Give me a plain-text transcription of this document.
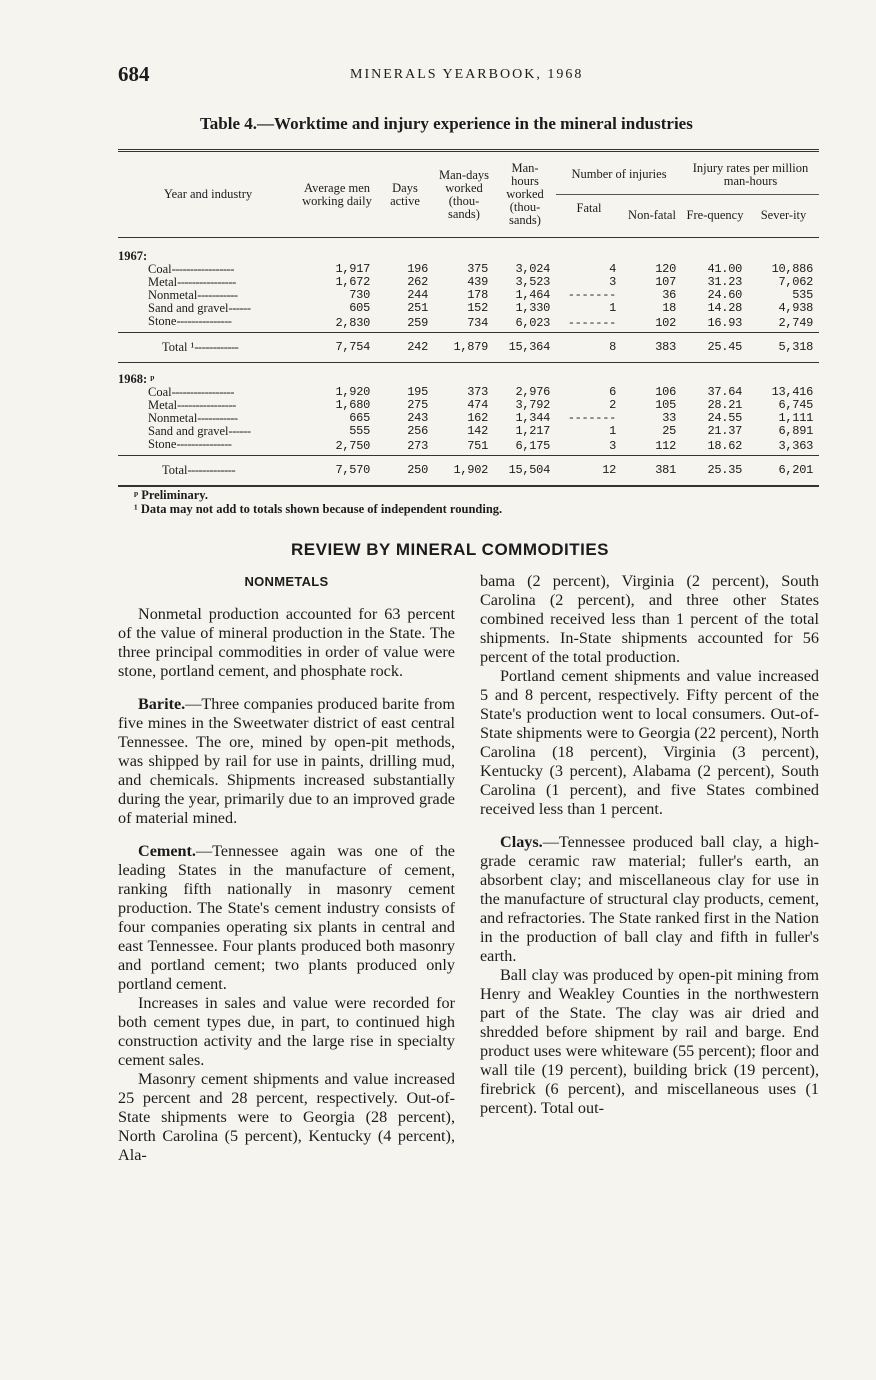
684	MINERALS YEARBOOK, 1968
Table 4.—Worktime and injury experience in the mineral industries
Year and industry	Average men working daily	Days active	Man-days worked (thou-sands)	Man-hours worked (thou-sands)	Number of injuries		Injury rates per million man-hours	
					Fatal	Non-fatal	Fre-quency	Sever-ity

1967:								
Coal-----------------	1,917	196	375	3,024	4	120	41.00	10,886
Metal----------------	1,672	262	439	3,523	3	107	31.23	7,062
Nonmetal-----------	730	244	178	1,464	-------	36	24.60	535
Sand and gravel------	605	251	152	1,330	1	18	14.28	4,938
Stone---------------	2,830	259	734	6,023	-------	102	16.93	2,749
Total ¹------------	7,754	242	1,879	15,364	8	383	25.45	5,318

1968: ᵖ								
Coal-----------------	1,920	195	373	2,976	6	106	37.64	13,416
Metal----------------	1,680	275	474	3,792	2	105	28.21	6,745
Nonmetal-----------	665	243	162	1,344	-------	33	24.55	1,111
Sand and gravel------	555	256	142	1,217	1	25	21.37	6,891
Stone---------------	2,750	273	751	6,175	3	112	18.62	3,363
Total-------------	7,570	250	1,902	15,504	12	381	25.35	6,201
ᵖ Preliminary.
¹ Data may not add to totals shown because of independent rounding.
REVIEW BY MINERAL COMMODITIES
NONMETALS

Nonmetal production accounted for 63 percent of the value of mineral production in the State. The three principal commodities in order of value were stone, portland cement, and phosphate rock.

Barite.—Three companies produced barite from five mines in the Sweetwater district of east central Tennessee. The ore, mined by open-pit methods, was shipped by rail for use in paints, drilling mud, and chemicals. Shipments increased substantially during the year, primarily due to an improved grade of material mined.

Cement.—Tennessee again was one of the leading States in the manufacture of cement, ranking fifth nationally in masonry cement production. The State's cement industry consists of four companies operating six plants in central and east Tennessee. Four plants produced both masonry and portland cement; two plants produced only portland cement.

Increases in sales and value were recorded for both cement types due, in part, to continued high construction activity and the large rise in specialty cement sales.

Masonry cement shipments and value increased 25 percent and 28 percent, respectively. Out-of-State shipments were to Georgia (28 percent), North Carolina (5 percent), Kentucky (4 percent), Ala-

bama (2 percent), Virginia (2 percent), South Carolina (2 percent), and three other States combined received less than 1 percent of the total shipments. In-State shipments accounted for 56 percent of the total production.

Portland cement shipments and value increased 5 and 8 percent, respectively. Fifty percent of the State's production went to local consumers. Out-of-State shipments were to Georgia (22 percent), North Carolina (18 percent), Virginia (3 percent), Kentucky (3 percent), Alabama (2 percent), South Carolina (1 percent), and five States combined received less than 1 percent.

Clays.—Tennessee produced ball clay, a high-grade ceramic raw material; fuller's earth, an absorbent clay; and miscellaneous clay for use in the manufacture of structural clay products, cement, and refractories. The State ranked first in the Nation in the production of ball clay and fifth in fuller's earth.

Ball clay was produced by open-pit mining from Henry and Weakley Counties in the northwestern part of the State. The clay was air dried and shredded before shipment by rail and barge. End product uses were whiteware (55 percent); floor and wall tile (19 percent), building brick (19 percent), firebrick (6 percent), and miscellaneous uses (1 percent). Total out-
